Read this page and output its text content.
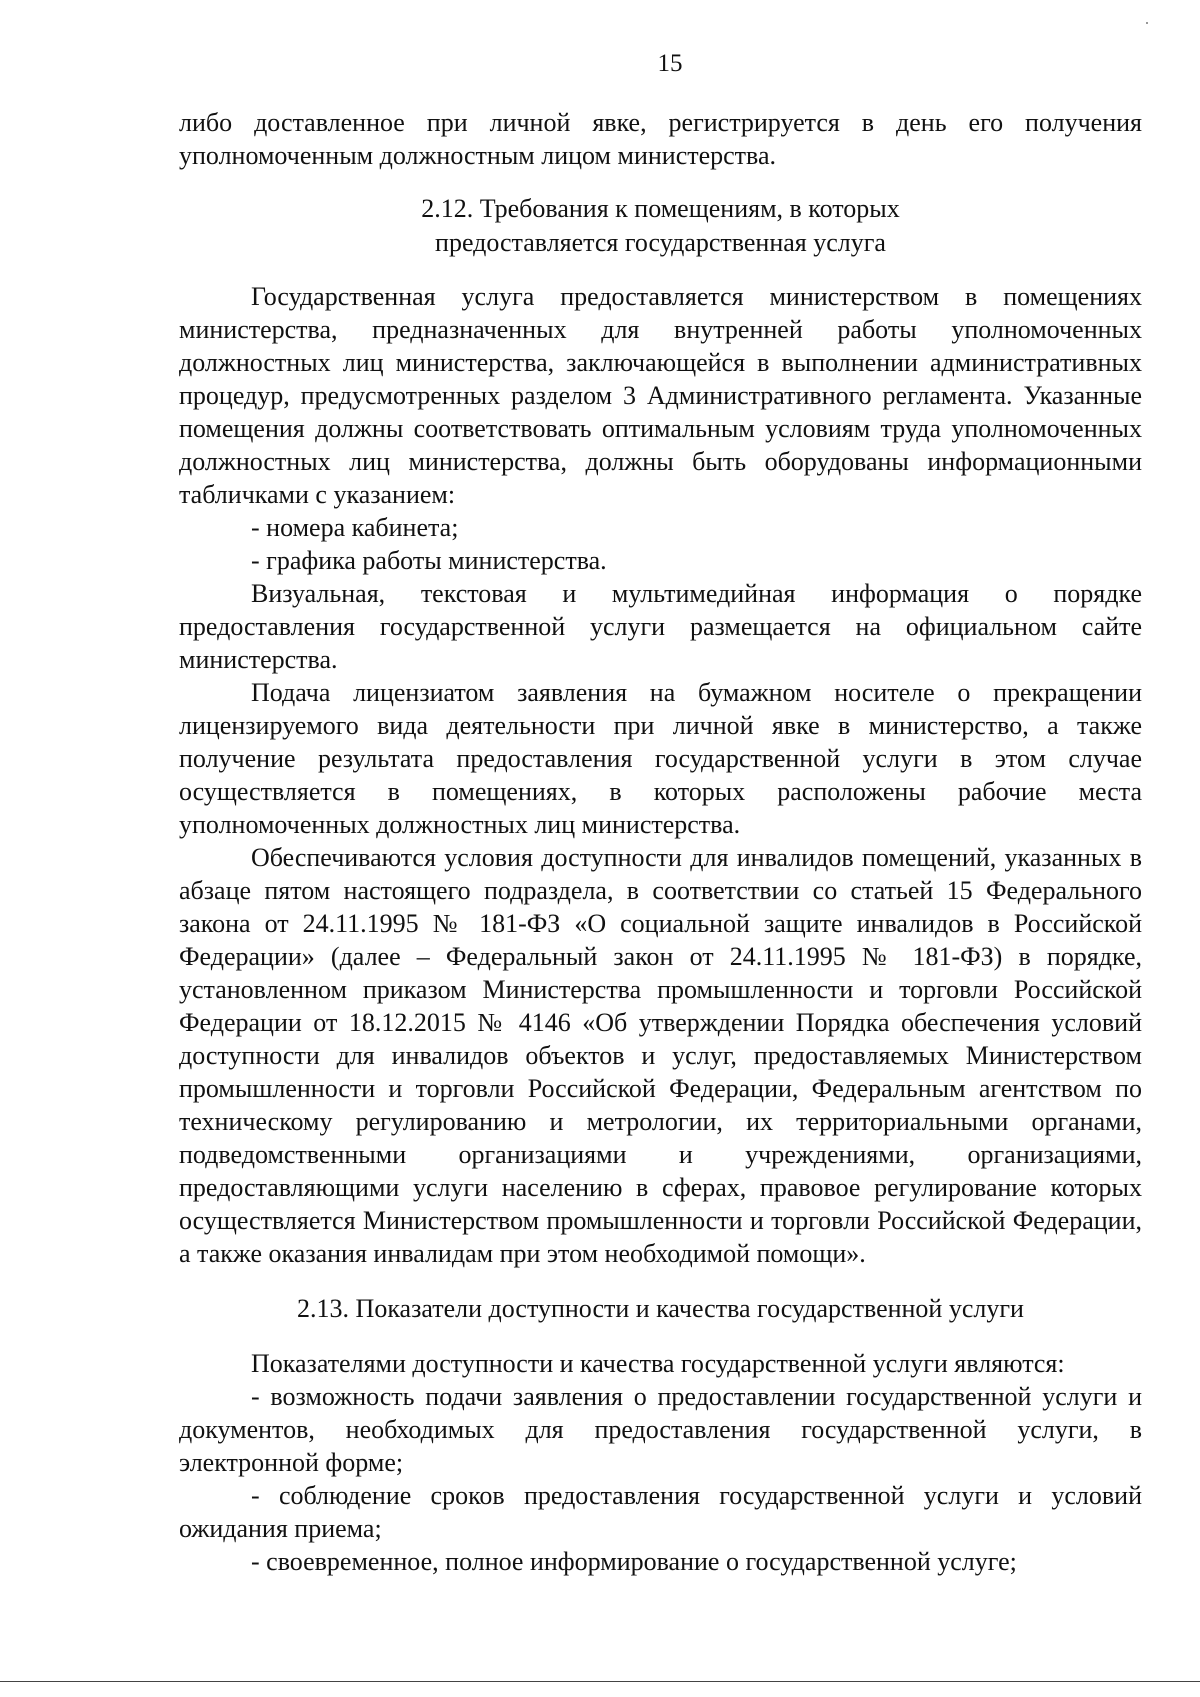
15

либо доставленное при личной явке, регистрируется в день его получения уполномоченным должностным лицом министерства.

2.12. Требования к помещениям, в которых
предоставляется государственная услуга

Государственная услуга предоставляется министерством в помещениях министерства, предназначенных для внутренней работы уполномоченных должностных лиц министерства, заключающейся в выполнении административных процедур, предусмотренных разделом 3 Административного регламента. Указанные помещения должны соответствовать оптимальным условиям труда уполномоченных должностных лиц министерства, должны быть оборудованы информационными табличками с указанием:

- номера кабинета;

- графика работы министерства.

Визуальная, текстовая и мультимедийная информация о порядке предоставления государственной услуги размещается на официальном сайте министерства.

Подача лицензиатом заявления на бумажном носителе о прекращении лицензируемого вида деятельности при личной явке в министерство, а также получение результата предоставления государственной услуги в этом случае осуществляется в помещениях, в которых расположены рабочие места уполномоченных должностных лиц министерства.

Обеспечиваются условия доступности для инвалидов помещений, указанных в абзаце пятом настоящего подраздела, в соответствии со статьей 15 Федерального закона от 24.11.1995 № 181-ФЗ «О социальной защите инвалидов в Российской Федерации» (далее – Федеральный закон от 24.11.1995 № 181-ФЗ) в порядке, установленном приказом Министерства промышленности и торговли Российской Федерации от 18.12.2015 № 4146 «Об утверждении Порядка обеспечения условий доступности для инвалидов объектов и услуг, предоставляемых Министерством промышленности и торговли Российской Федерации, Федеральным агентством по техническому регулированию и метрологии, их территориальными органами, подведомственными организациями и учреждениями, организациями, предоставляющими услуги населению в сферах, правовое регулирование которых осуществляется Министерством промышленности и торговли Российской Федерации, а также оказания инвалидам при этом необходимой помощи».

2.13. Показатели доступности и качества государственной услуги

Показателями доступности и качества государственной услуги являются:

- возможность подачи заявления о предоставлении государственной услуги и документов, необходимых для предоставления государственной услуги, в электронной форме;

- соблюдение сроков предоставления государственной услуги и условий ожидания приема;

- своевременное, полное информирование о государственной услуге;
